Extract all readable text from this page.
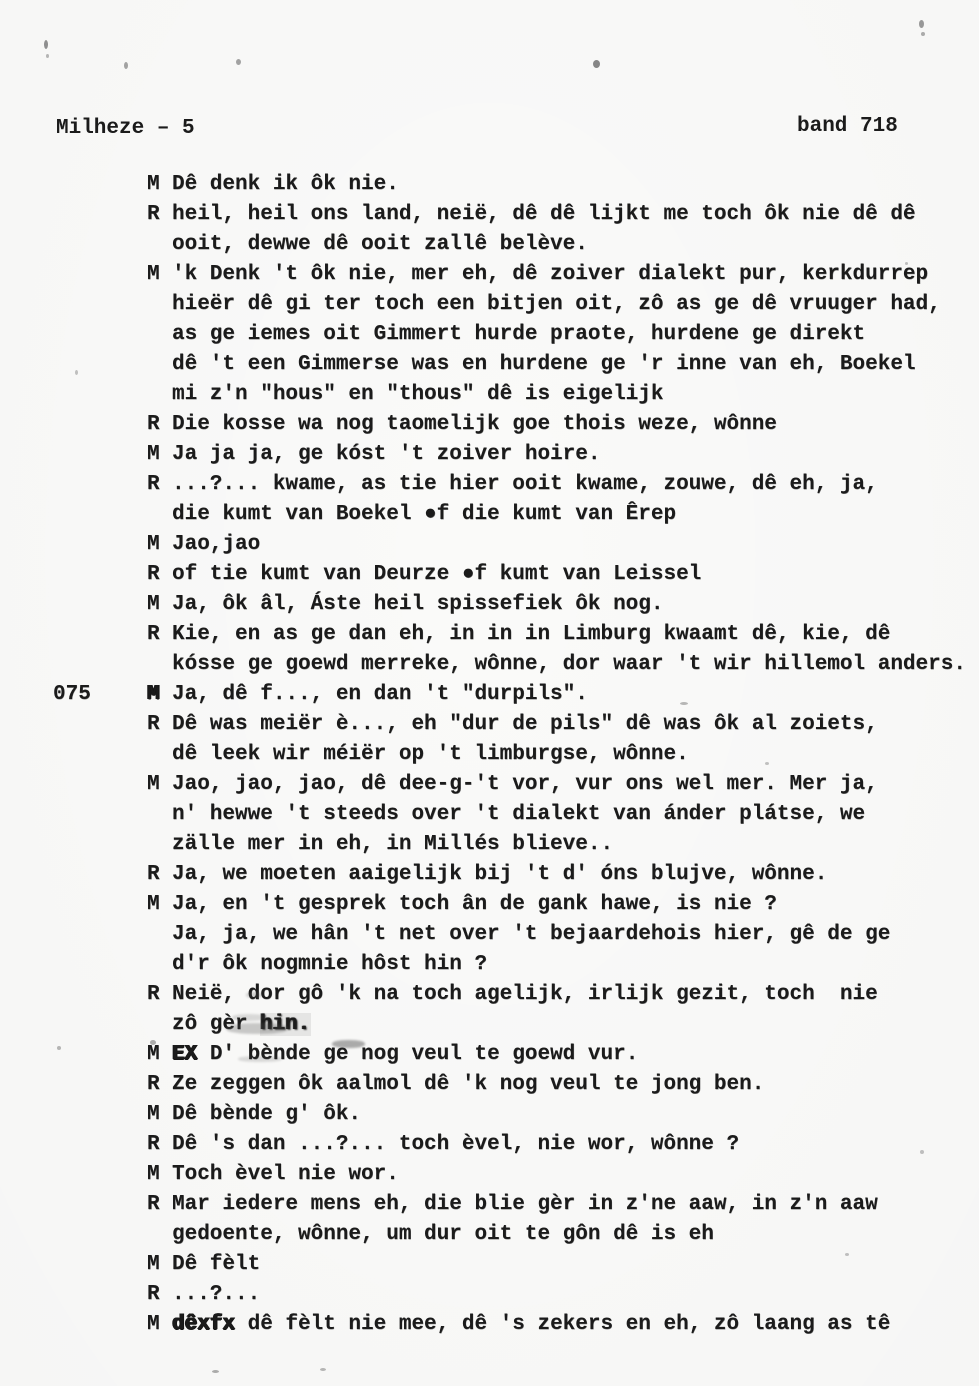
Milheze – 5	band 718
M Dê denk ik ôk nie.
R heil, heil ons land, neië, dê dê lijkt me toch ôk nie dê dê
ooit, dewwe dê ooit zallê belève.
M 'k Denk 't ôk nie, mer eh, dê zoiver dialekt pur, kerkdurrep
hieër dê gi ter toch een bitjen oit, zô as ge dê vruuger had,
as ge iemes oit Gimmert hurde praote, hurdene ge direkt
dê 't een Gimmerse was en hurdene ge 'r inne van eh, Boekel
mi z'n "hous" en "thous" dê is eigelijk
R Die kosse wa nog taomelijk goe thois weze, wônne
M Ja ja ja, ge kóst 't zoiver hoire.
R ...?... kwame, as tie hier ooit kwame, zouwe, dê eh, ja,
die kumt van Boekel ●f die kumt van Êrep
M Jao,jao
R of tie kumt van Deurze ●f kumt van Leissel
M Ja, ôk âl, Áste heil spissefiek ôk nog.
R Kie, en as ge dan eh, in in in Limburg kwaamt dê, kie, dê
kósse ge goewd merreke, wônne, dor waar 't wir hillemol anders.
075	M Ja, dê f..., en dan 't "durpils".
R Dê was meiër è..., eh "dur de pils" dê was ôk al zoiets,
dê leek wir méiër op 't limburgse, wônne.
M Jao, jao, jao, dê dee-g-'t vor, vur ons wel mer. Mer ja,
n' hewwe 't steeds over 't dialekt van ánder plátse, we
zälle mer in eh, in Millés blieve..
R Ja, we moeten aaigelijk bij 't d' óns blujve, wônne.
M Ja, en 't gesprek toch ân de gank hawe, is nie ?
Ja, ja, we hân 't net over 't bejaardehois hier, gê de ge
d'r ôk nogmnie hôst hin ?
R Neië, dor gô 'k na toch agelijk, irlijk gezit, toch  nie
zô gèr hin.
M EX D' bènde ge nog veul te goewd vur.
R Ze zeggen ôk aalmol dê 'k nog veul te jong ben.
M Dê bènde g' ôk.
R Dê 's dan ...?... toch èvel, nie wor, wônne ?
M Toch èvel nie wor.
R Mar iedere mens eh, die blie gèr in z'ne aaw, in z'n aaw
gedoente, wônne, um dur oit te gôn dê is eh
M Dê fèlt
R ...?...
M dêxfx dê fèlt nie mee, dê 's zekers en eh, zô laang as tê
